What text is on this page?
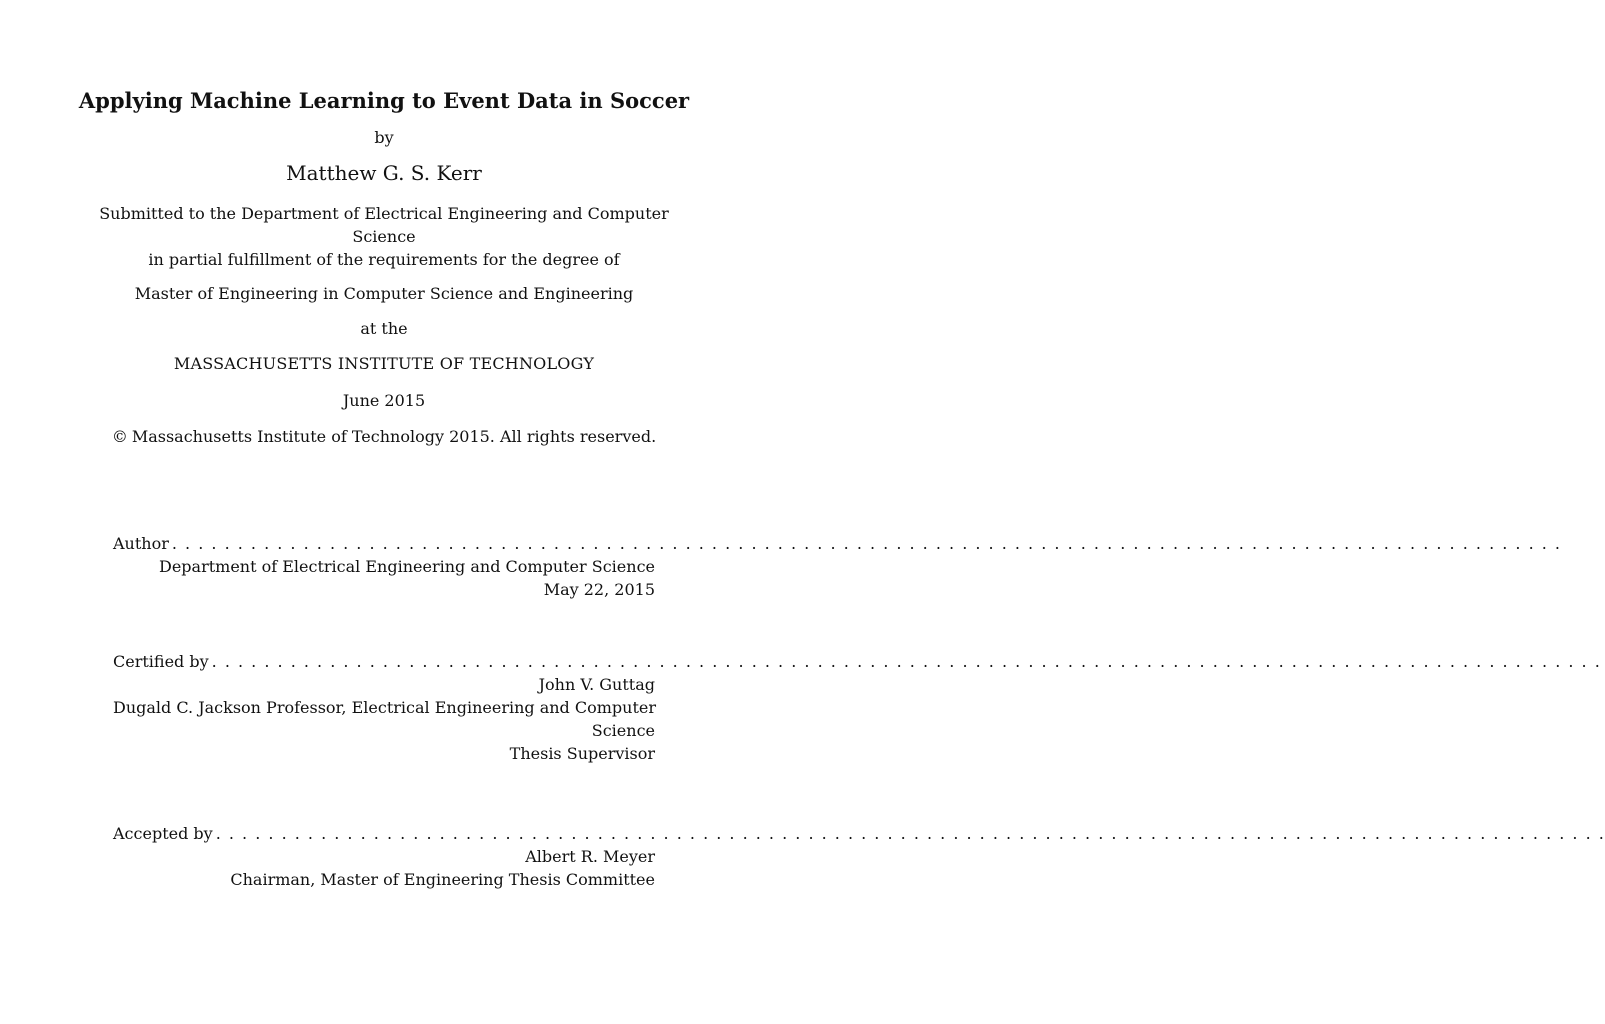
Applying Machine Learning to Event Data in Soccer
by
Matthew G. S. Kerr
Submitted to the Department of Electrical Engineering and Computer
Science
in partial fulfillment of the requirements for the degree of
Master of Engineering in Computer Science and Engineering
at the
MASSACHUSETTS INSTITUTE OF TECHNOLOGY
June 2015
© Massachusetts Institute of Technology 2015. All rights reserved.
Author . . . . . . . . . . . . . . . . . . . . . . . . . . . . . . . . . . . . . . . . . . . . . . . . . . . . . . . . . . . . . . . . . . . . . . . . . . . . . . . . . . . . . . . . . . . . . . . . . . . . . . . . . .
Department of Electrical Engineering and Computer Science
May 22, 2015
Certified by . . . . . . . . . . . . . . . . . . . . . . . . . . . . . . . . . . . . . . . . . . . . . . . . . . . . . . . . . . . . . . . . . . . . . . . . . . . . . . . . . . . . . . . . . . . . . . . . . . . . . . . . . .
John V. Guttag
Dugald C. Jackson Professor, Electrical Engineering and Computer
Science
Thesis Supervisor
Accepted by . . . . . . . . . . . . . . . . . . . . . . . . . . . . . . . . . . . . . . . . . . . . . . . . . . . . . . . . . . . . . . . . . . . . . . . . . . . . . . . . . . . . . . . . . . . . . . . . . . . . . . . . . .
Albert R. Meyer
Chairman, Master of Engineering Thesis Committee
